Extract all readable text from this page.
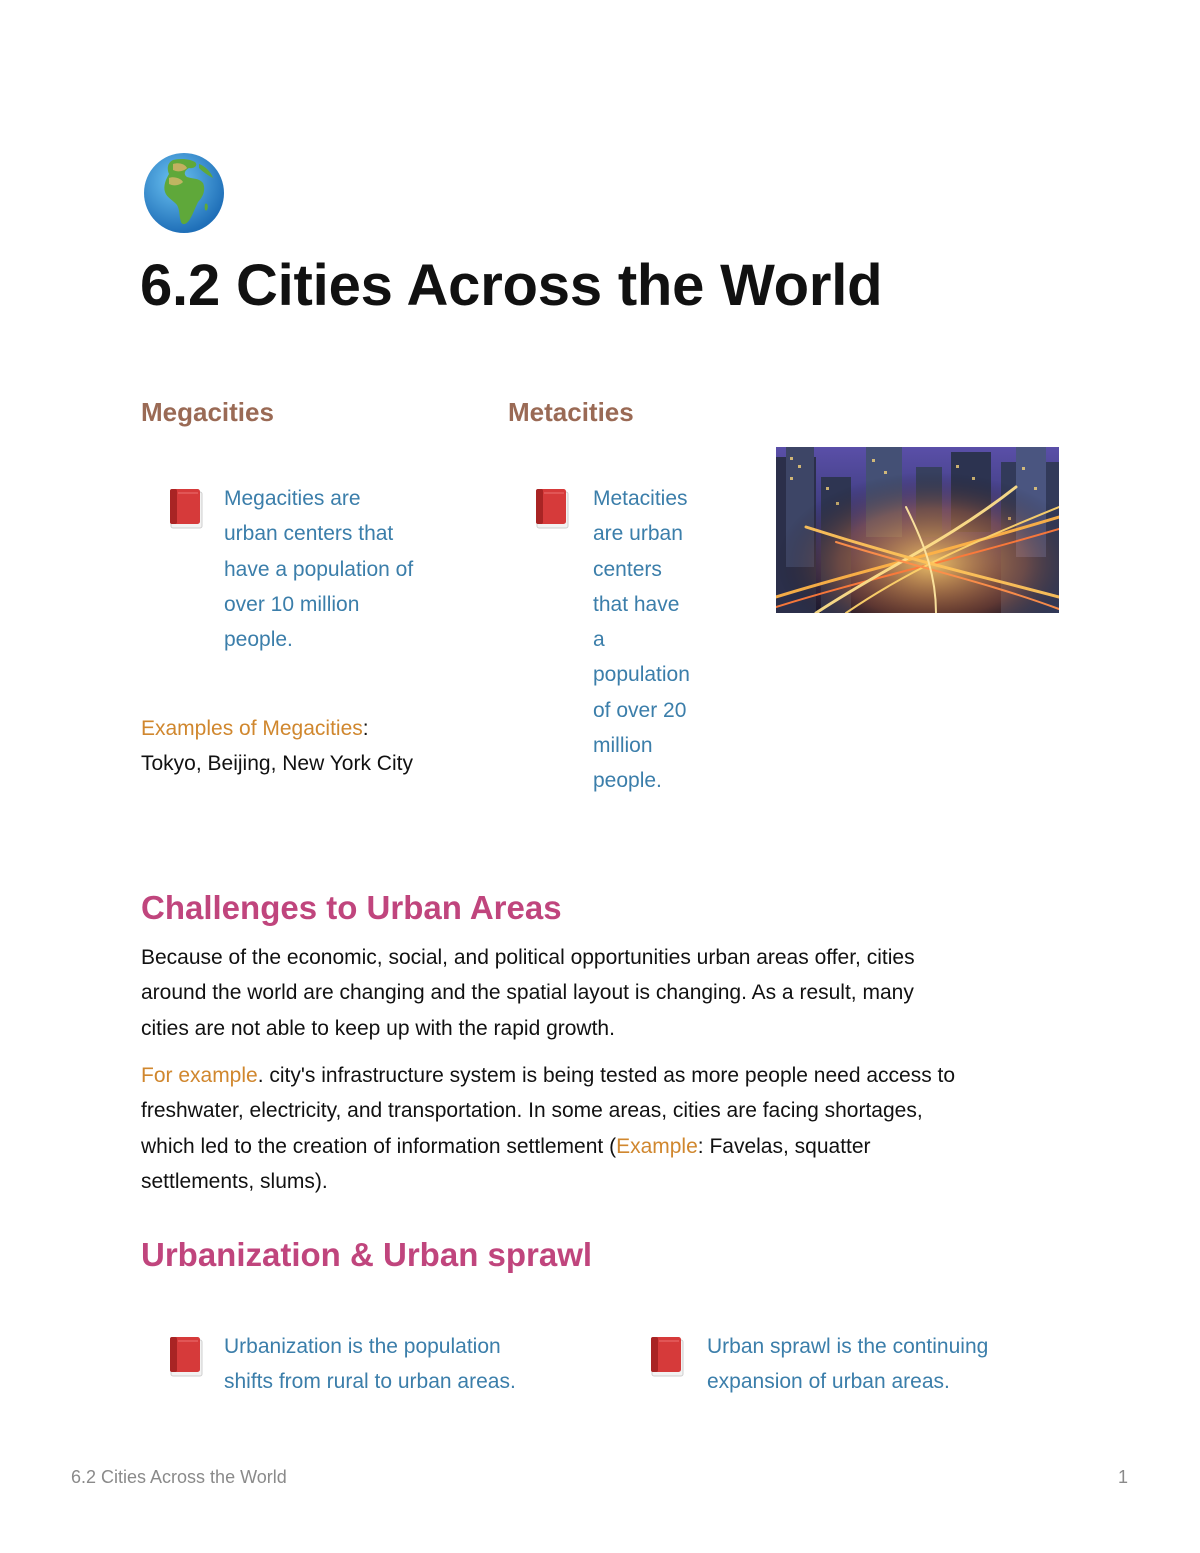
6.2 Cities Across the World
Megacities
Megacities are
urban centers that
have a population of
over 10 million
people.
Examples of Megacities:
Tokyo, Beijing, New York City
Metacities
Metacities
are urban
centers
that have
a
population
of over 20
million
people.
Challenges to Urban Areas
Because of the economic, social, and political opportunities urban areas offer, cities
around the world are changing and the spatial layout is changing. As a result, many
cities are not able to keep up with the rapid growth.
For example. city's infrastructure system is being tested as more people need access to
freshwater, electricity, and transportation. In some areas, cities are facing shortages,
which led to the creation of information settlement (Example: Favelas, squatter
settlements, slums).
Urbanization & Urban sprawl
Urbanization is the population
shifts from rural to urban areas.
Urban sprawl is the continuing
expansion of urban areas.
6.2 Cities Across the World	1
